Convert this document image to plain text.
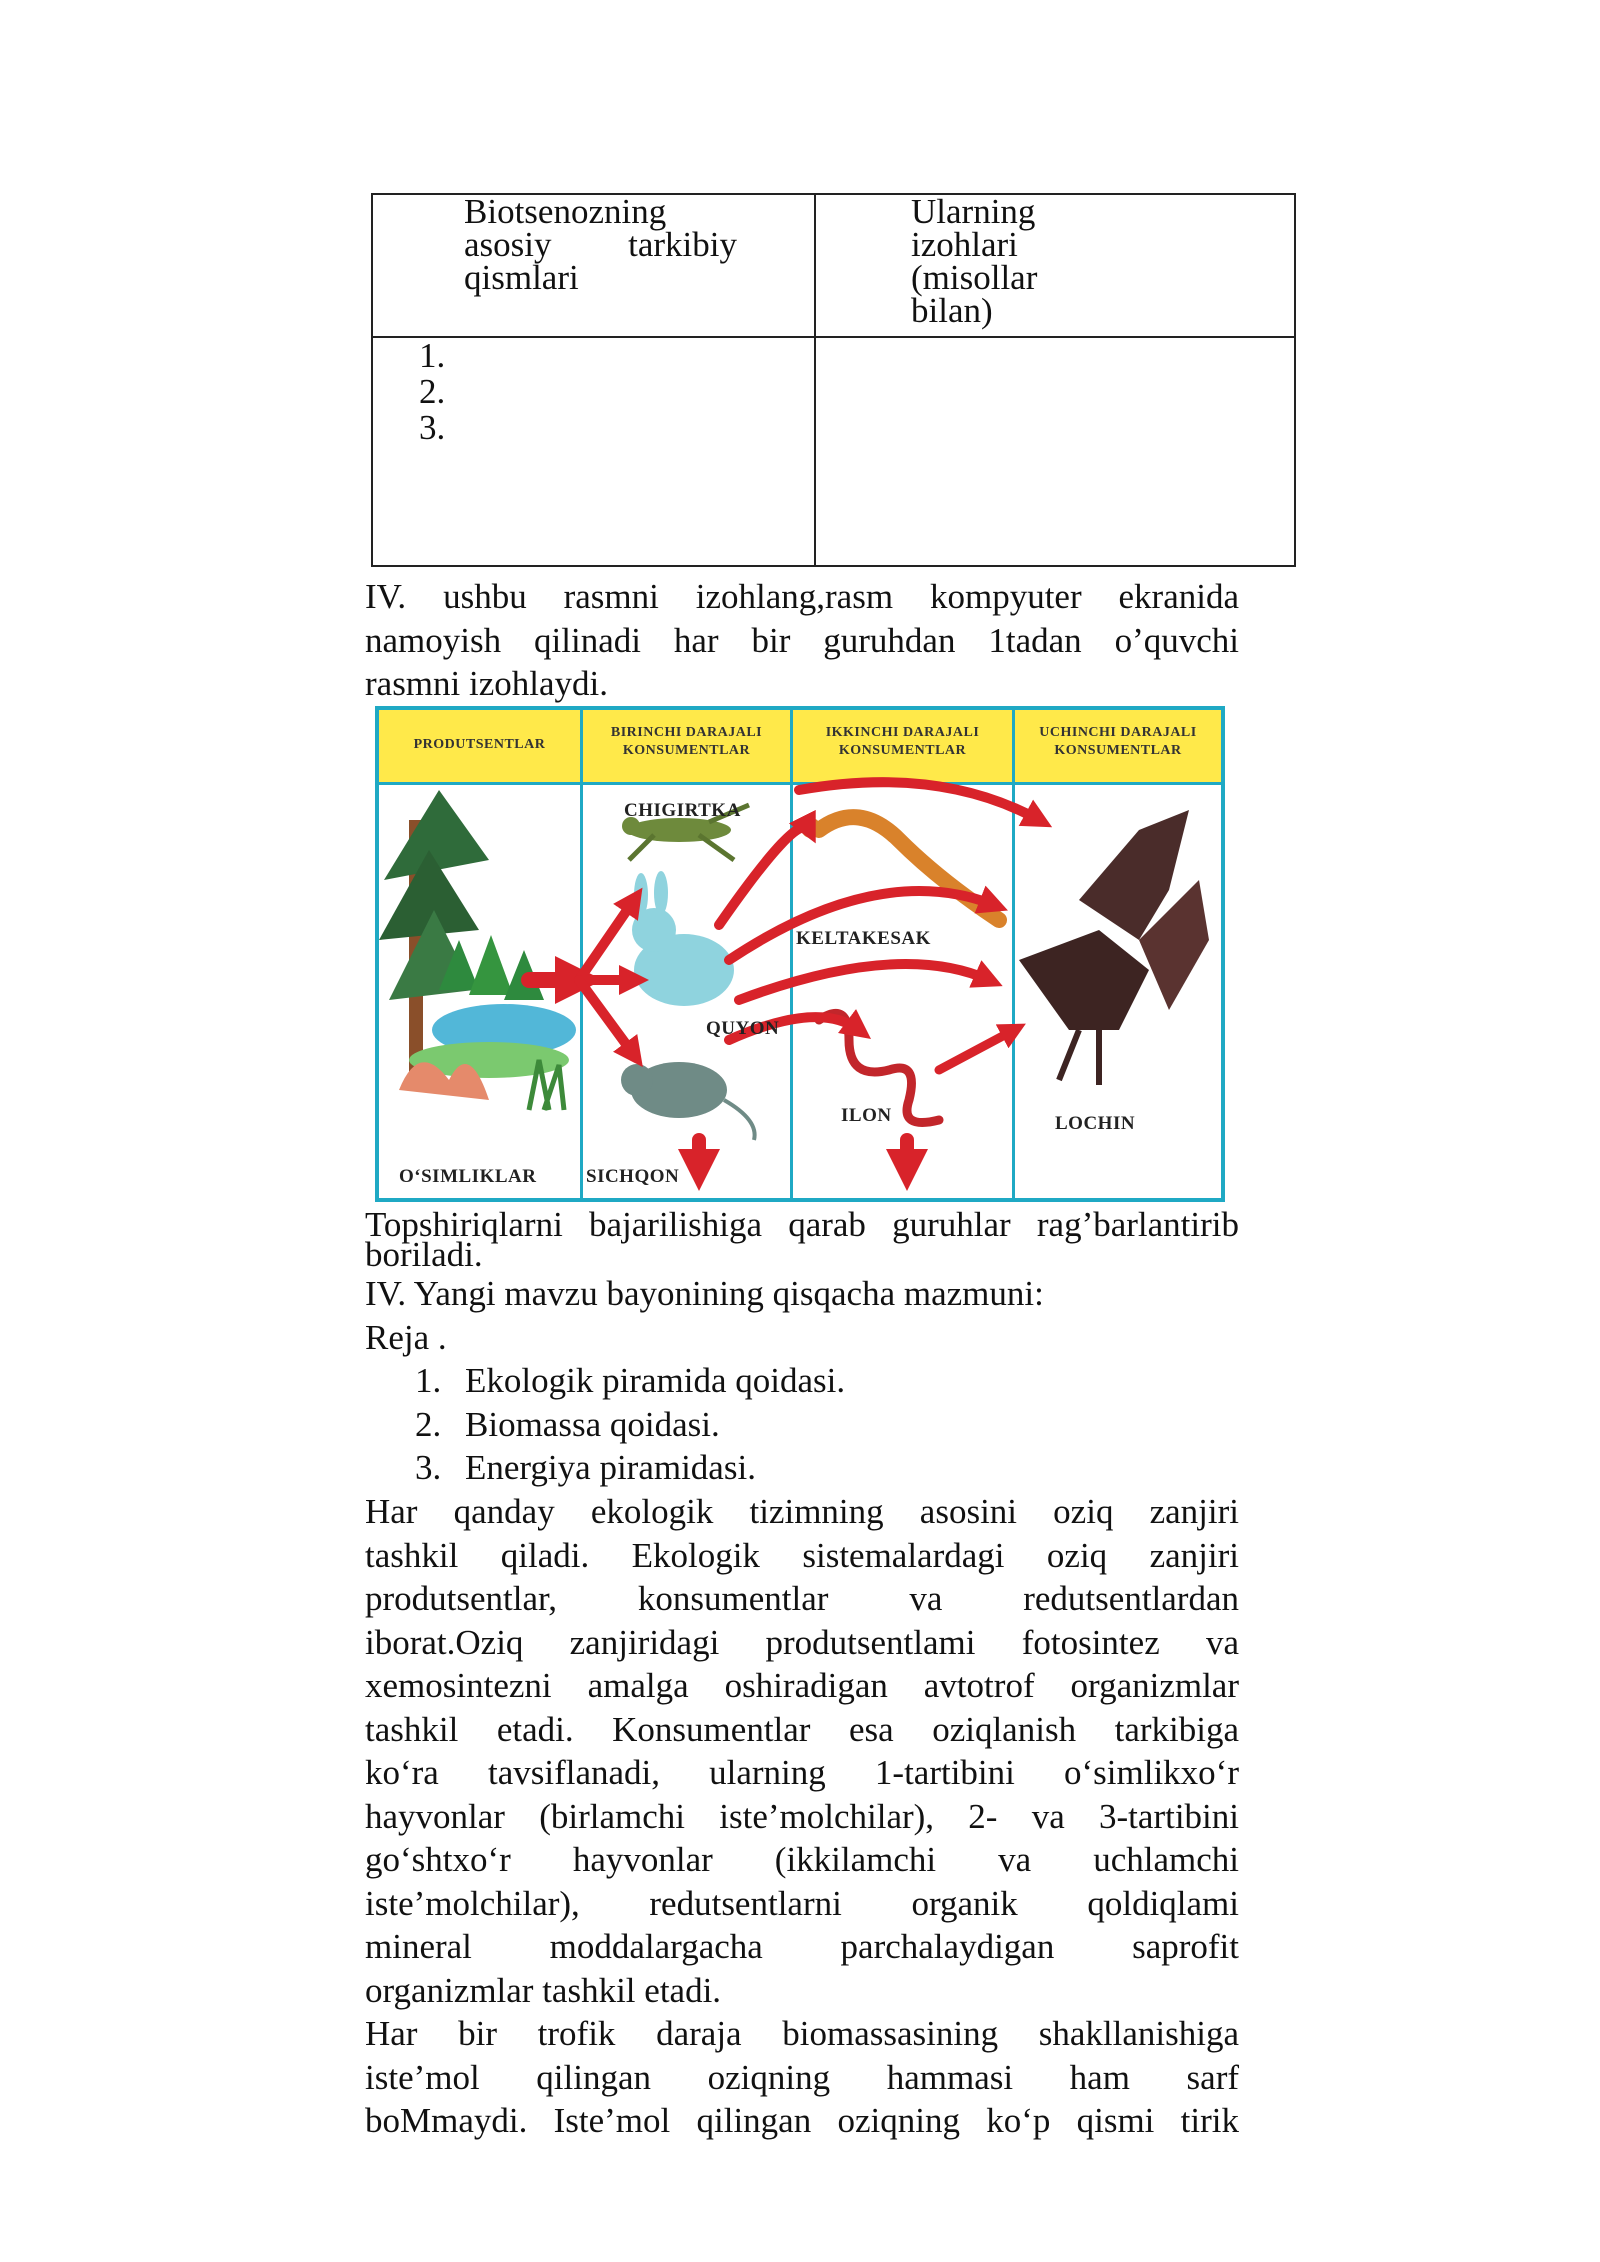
Biotsenozning
asosiy tarkibiy
qismlari
Ularning
izohlari
(misollar
bilan)
1.
2.
3.
IV. ushbu rasmni izohlang,rasm kompyuter ekranida
namoyish qilinadi har bir guruhdan 1tadan o’quvchi
rasmni izohlaydi.
PRODUTSENTLAR
BIRINCHI DARAJALI
KONSUMENTLAR
IKKINCHI DARAJALI
KONSUMENTLAR
UCHINCHI DARAJALI
KONSUMENTLAR
CHIGIRTKA
QUYON
SICHQON
O‘SIMLIKLAR
KELTAKESAK
ILON	LOCHIN
Topshiriqlarni bajarilishiga qarab guruhlar rag’barlantirib
boriladi.
IV. Yangi mavzu bayonining qisqacha mazmuni:
Reja .
1. Ekologik piramida qoidasi.
2. Biomassa qoidasi.
3. Energiya piramidasi.
Har qanday ekologik tizimning asosini oziq zanjiri
tashkil qiladi. Ekologik sistemalardagi oziq zanjiri
produtsentlar, konsumentlar va redutsentlardan
iborat.Oziq zanjiridagi produtsentlami fotosintez va
xemosintezni amalga oshiradigan avtotrof organizmlar
tashkil etadi. Konsumentlar esa oziqlanish tarkibiga
ko‘ra tavsiflanadi, ularning 1-tartibini o‘simlikxo‘r
hayvonlar (birlamchi iste’molchilar), 2- va 3-tartibini
go‘shtxo‘r hayvonlar (ikkilamchi va uchlamchi
iste’molchilar), redutsentlarni organik qoldiqlami
mineral moddalargacha parchalaydigan saprofit
organizmlar tashkil etadi.
Har bir trofik daraja biomassasining shakllanishiga
iste’mol qilingan oziqning hammasi ham sarf
boMmaydi. Iste’mol qilingan oziqning ko‘p qismi tirik
